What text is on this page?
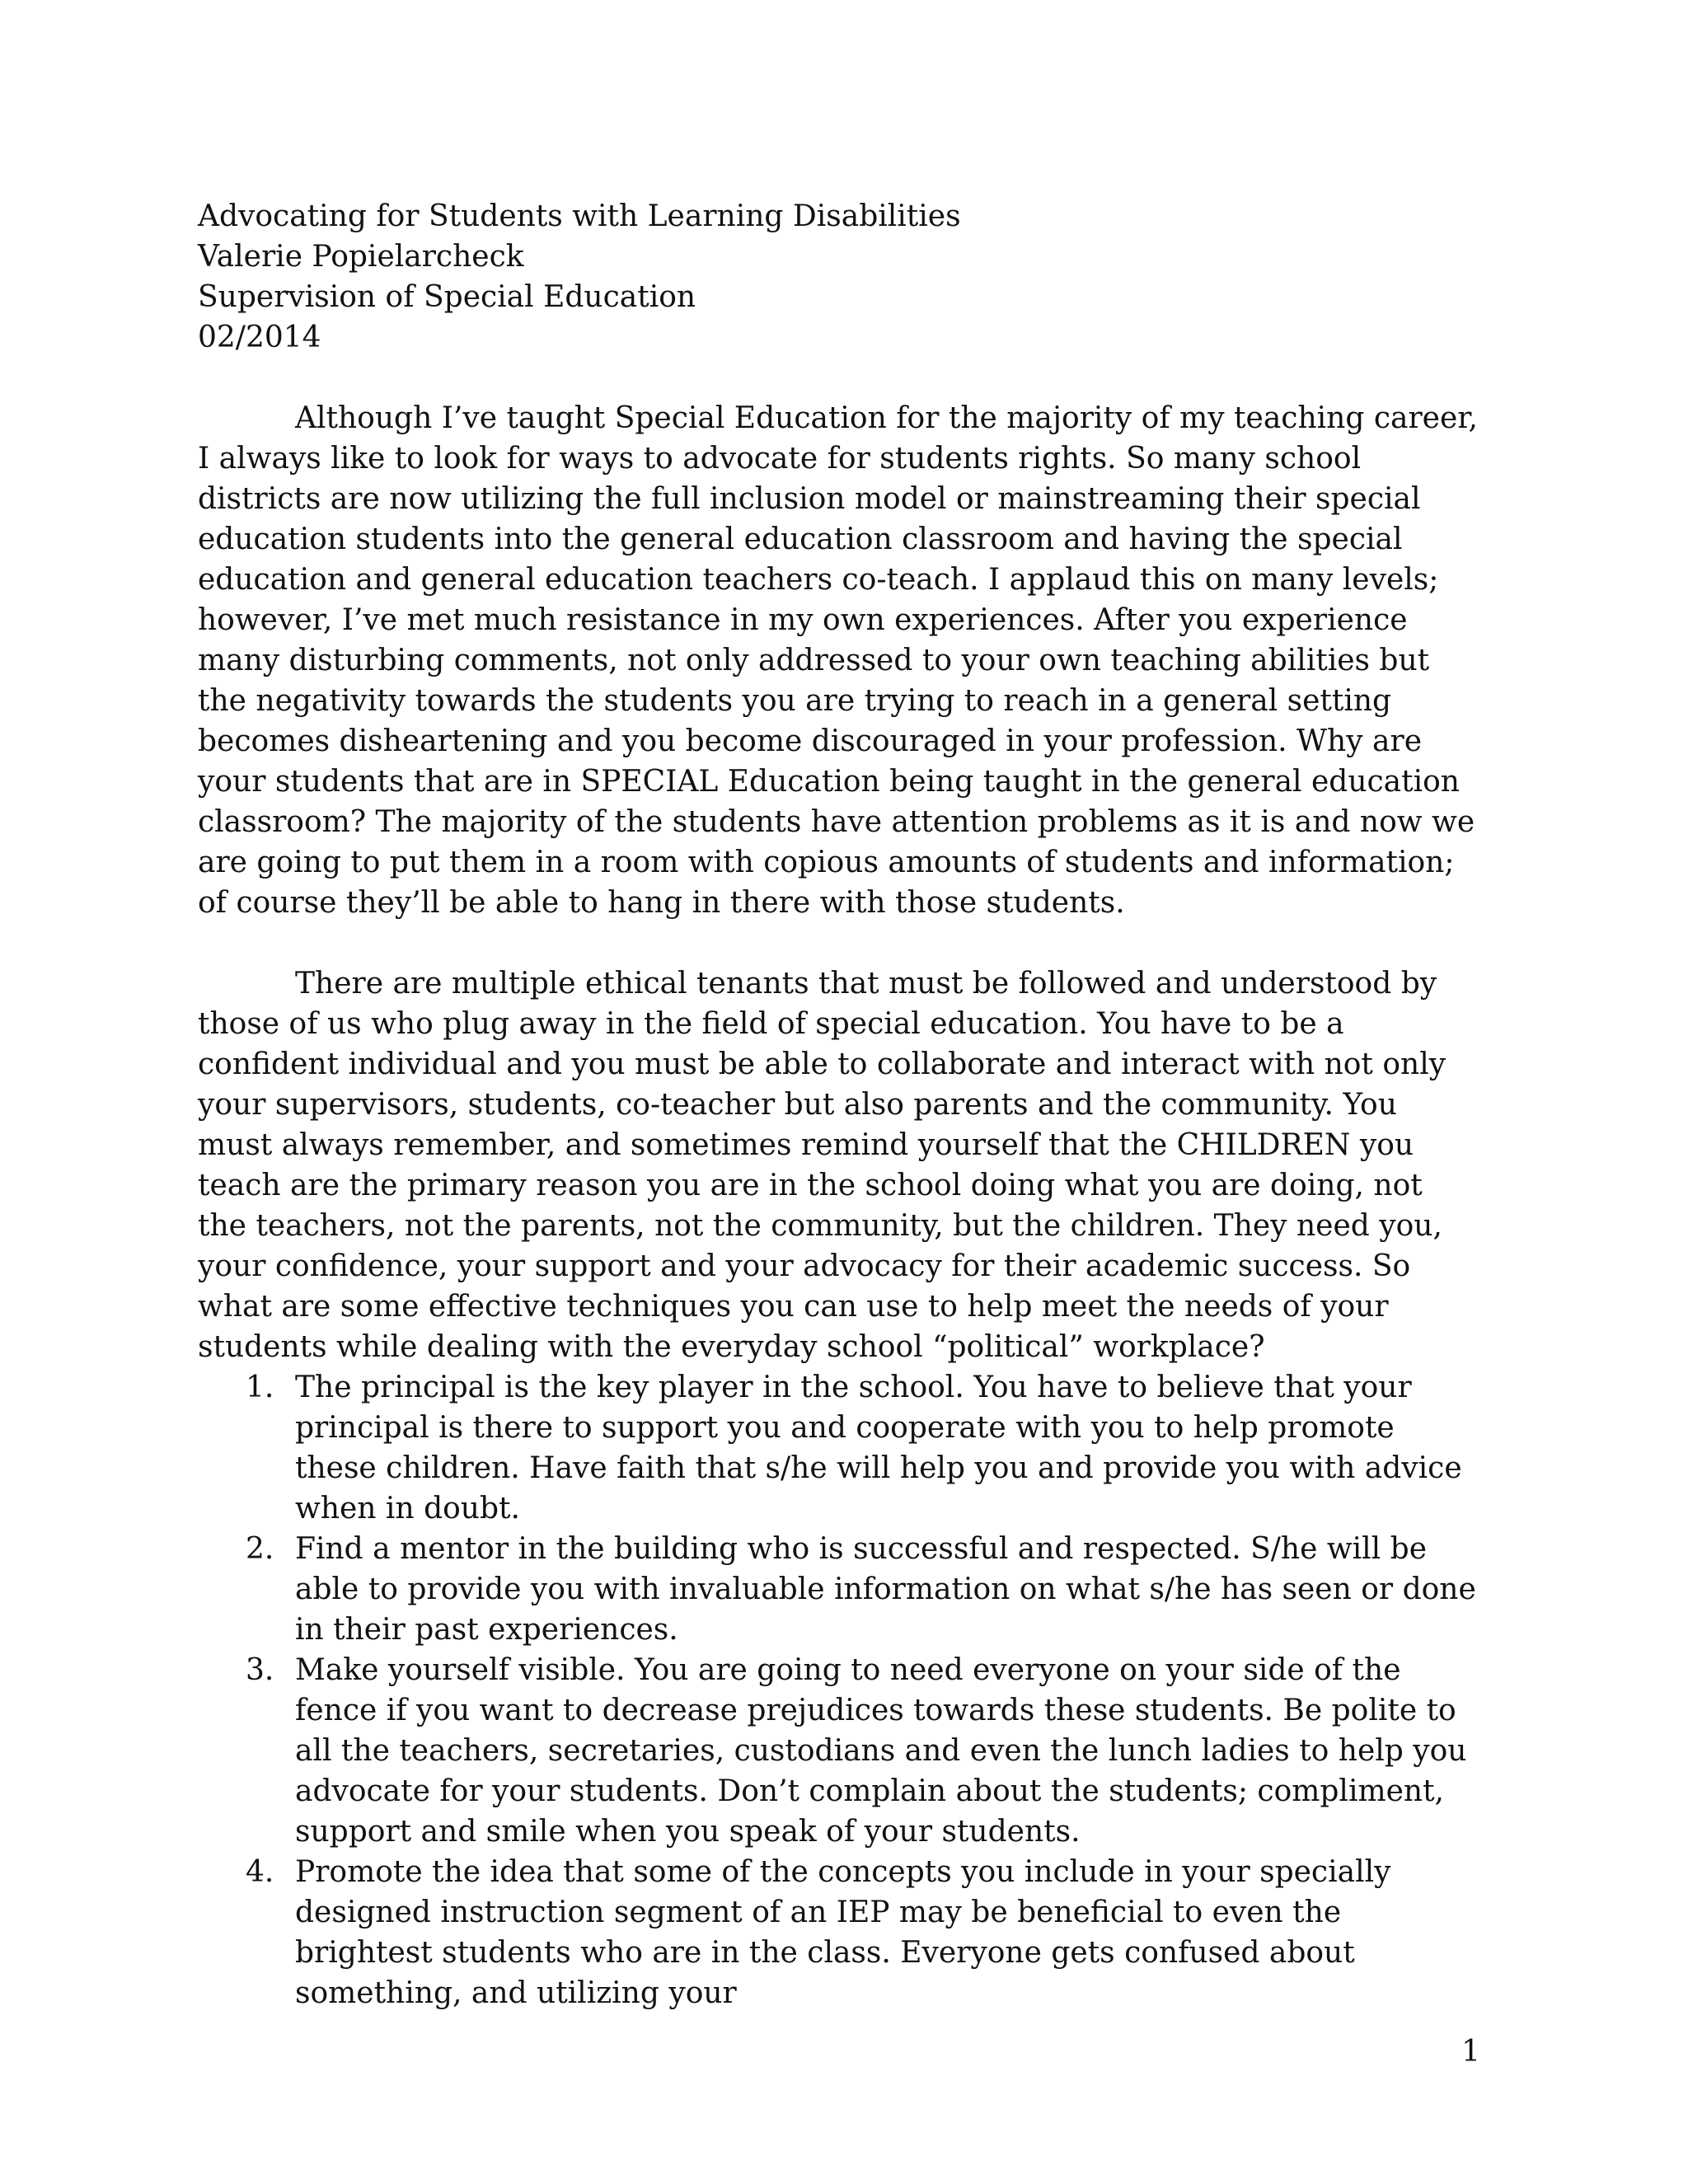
Advocating for Students with Learning Disabilities
Valerie Popielarcheck
Supervision of Special Education
02/2014

Although I’ve taught Special Education for the majority of my teaching career, I always like to look for ways to advocate for students rights. So many school districts are now utilizing the full inclusion model or mainstreaming their special education students into the general education classroom and having the special education and general education teachers co-teach. I applaud this on many levels; however, I’ve met much resistance in my own experiences. After you experience many disturbing comments, not only addressed to your own teaching abilities but the negativity towards the students you are trying to reach in a general setting becomes disheartening and you become discouraged in your profession. Why are your students that are in SPECIAL Education being taught in the general education classroom? The majority of the students have attention problems as it is and now we are going to put them in a room with copious amounts of students and information; of course they’ll be able to hang in there with those students.

There are multiple ethical tenants that must be followed and understood by those of us who plug away in the field of special education. You have to be a confident individual and you must be able to collaborate and interact with not only your supervisors, students, co-teacher but also parents and the community. You must always remember, and sometimes remind yourself that the CHILDREN you teach are the primary reason you are in the school doing what you are doing, not the teachers, not the parents, not the community, but the children. They need you, your confidence, your support and your advocacy for their academic success. So what are some effective techniques you can use to help meet the needs of your students while dealing with the everyday school “political” workplace?

1. The principal is the key player in the school. You have to believe that your principal is there to support you and cooperate with you to help promote these children. Have faith that s/he will help you and provide you with advice when in doubt.
2. Find a mentor in the building who is successful and respected. S/he will be able to provide you with invaluable information on what s/he has seen or done in their past experiences.
3. Make yourself visible. You are going to need everyone on your side of the fence if you want to decrease prejudices towards these students. Be polite to all the teachers, secretaries, custodians and even the lunch ladies to help you advocate for your students. Don’t complain about the students; compliment, support and smile when you speak of your students.
4. Promote the idea that some of the concepts you include in your specially designed instruction segment of an IEP may be beneficial to even the brightest students who are in the class. Everyone gets confused about something, and utilizing your
1
